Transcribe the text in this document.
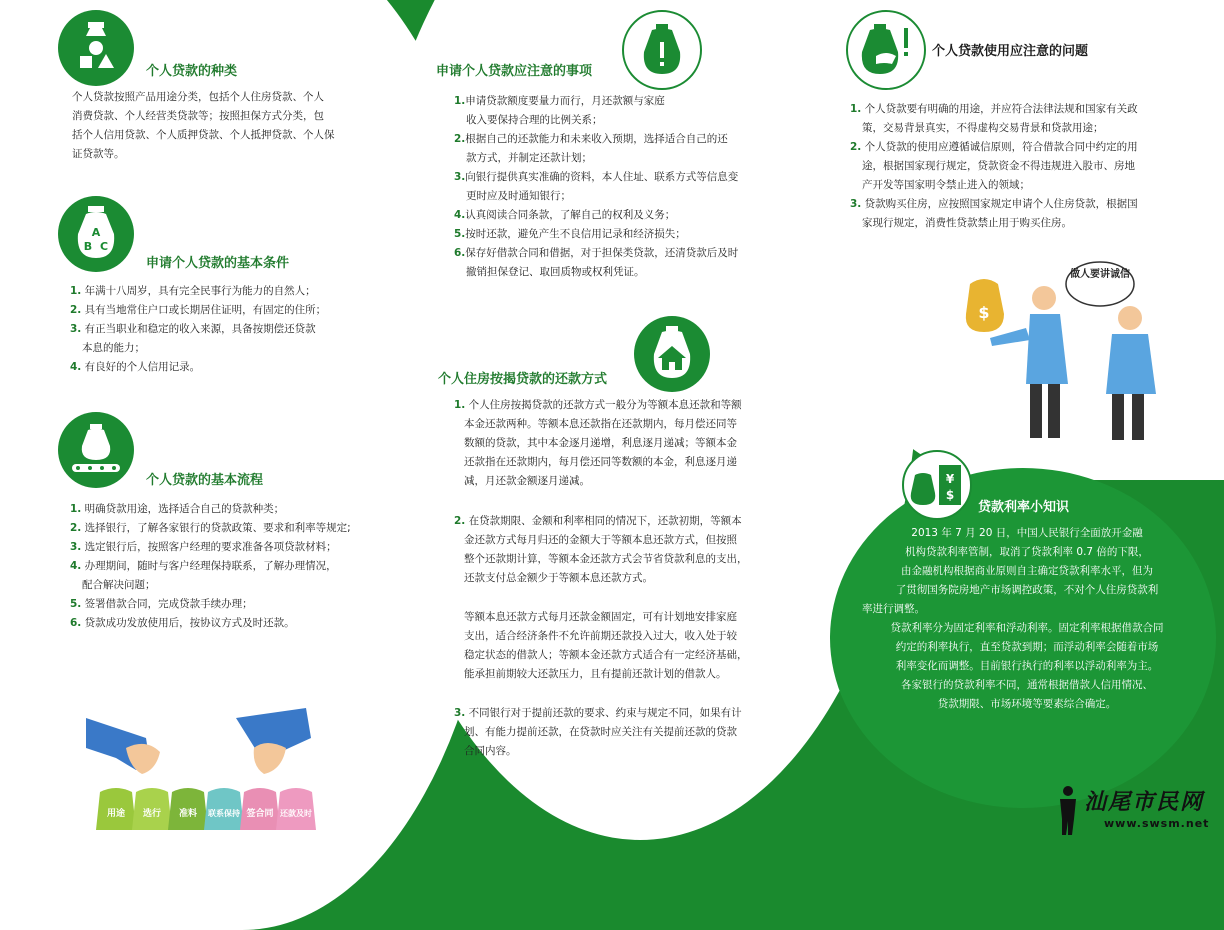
个人贷款的种类
个人贷款按照产品用途分类，包括个人住房贷款、个人
消费贷款、个人经营类贷款等；按照担保方式分类，包
括个人信用贷款、个人质押贷款、个人抵押贷款、个人保
证贷款等。
A
B C
申请个人贷款的基本条件
1. 年满十八周岁，具有完全民事行为能力的自然人；
2. 具有当地常住户口或长期居住证明，有固定的住所；
3. 有正当职业和稳定的收入来源，具备按期偿还贷款
本息的能力；
4. 有良好的个人信用记录。
个人贷款的基本流程
1. 明确贷款用途，选择适合自己的贷款种类；
2. 选择银行，了解各家银行的贷款政策、要求和利率等规定;
3. 选定银行后，按照客户经理的要求准备各项贷款材料；
4. 办理期间，随时与客户经理保持联系，了解办理情况，
配合解决问题；
5. 签署借款合同，完成贷款手续办理；
6. 贷款成功发放使用后，按协议方式及时还款。
用途 选行 准料 联系保持 签合同 还款及时
申请个人贷款应注意的事项
1.申请贷款额度要量力而行，月还款额与家庭
收入要保持合理的比例关系；
2.根据自己的还款能力和未来收入预期，选择适合自己的还
款方式，并制定还款计划；
3.向银行提供真实准确的资料，本人住址、联系方式等信息变
更时应及时通知银行；
4.认真阅读合同条款，了解自己的权利及义务；
5.按时还款，避免产生不良信用记录和经济损失；
6.保存好借款合同和借据，对于担保类贷款，还清贷款后及时
撤销担保登记、取回质物或权利凭证。
个人住房按揭贷款的还款方式
1. 个人住房按揭贷款的还款方式一般分为等额本息还款和等额
本金还款两种。等额本息还款指在还款期内，每月偿还同等
数额的贷款，其中本金逐月递增，利息逐月递减；等额本金
还款指在还款期内，每月偿还同等数额的本金，利息逐月递
减，月还款金额逐月递减。
2. 在贷款期限、金额和利率相同的情况下，还款初期，等额本
金还款方式每月归还的金额大于等额本息还款方式，但按照
整个还款期计算，等额本金还款方式会节省贷款利息的支出，
还款支付总金额少于等额本息还款方式。
等额本息还款方式每月还款金额固定，可有计划地安排家庭
支出，适合经济条件不允许前期还款投入过大，收入处于较
稳定状态的借款人；等额本金还款方式适合有一定经济基础，
能承担前期较大还款压力，且有提前还款计划的借款人。
3. 不同银行对于提前还款的要求、约束与规定不同，如果有计
划、有能力提前还款，在贷款时应关注有关提前还款的贷款
合同内容。
个人贷款使用应注意的问题
1. 个人贷款要有明确的用途，并应符合法律法规和国家有关政
策，交易背景真实，不得虚构交易背景和贷款用途；
2. 个人贷款的使用应遵循诚信原则，符合借款合同中约定的用
途，根据国家现行规定，贷款资金不得违规进入股市、房地
产开发等国家明令禁止进入的领域；
3. 贷款购买住房，应按照国家规定申请个人住房贷款，根据国
家现行规定，消费性贷款禁止用于购买住房。
$
做人要讲诚信
¥
$
贷款利率小知识
2013 年 7 月 20 日，中国人民银行全面放开金融
机构贷款利率管制，取消了贷款利率 0.7 倍的下限，
由金融机构根据商业原则自主确定贷款利率水平，但为
了贯彻国务院房地产市场调控政策，不对个人住房贷款利
率进行调整。
贷款利率分为固定利率和浮动利率。固定利率根据借款合同
约定的利率执行，直至贷款到期；而浮动利率会随着市场
利率变化而调整。目前银行执行的利率以浮动利率为主。
各家银行的贷款利率不同，通常根据借款人信用情况、
贷款期限、市场环境等要素综合确定。
汕尾市民网
www.swsm.net
